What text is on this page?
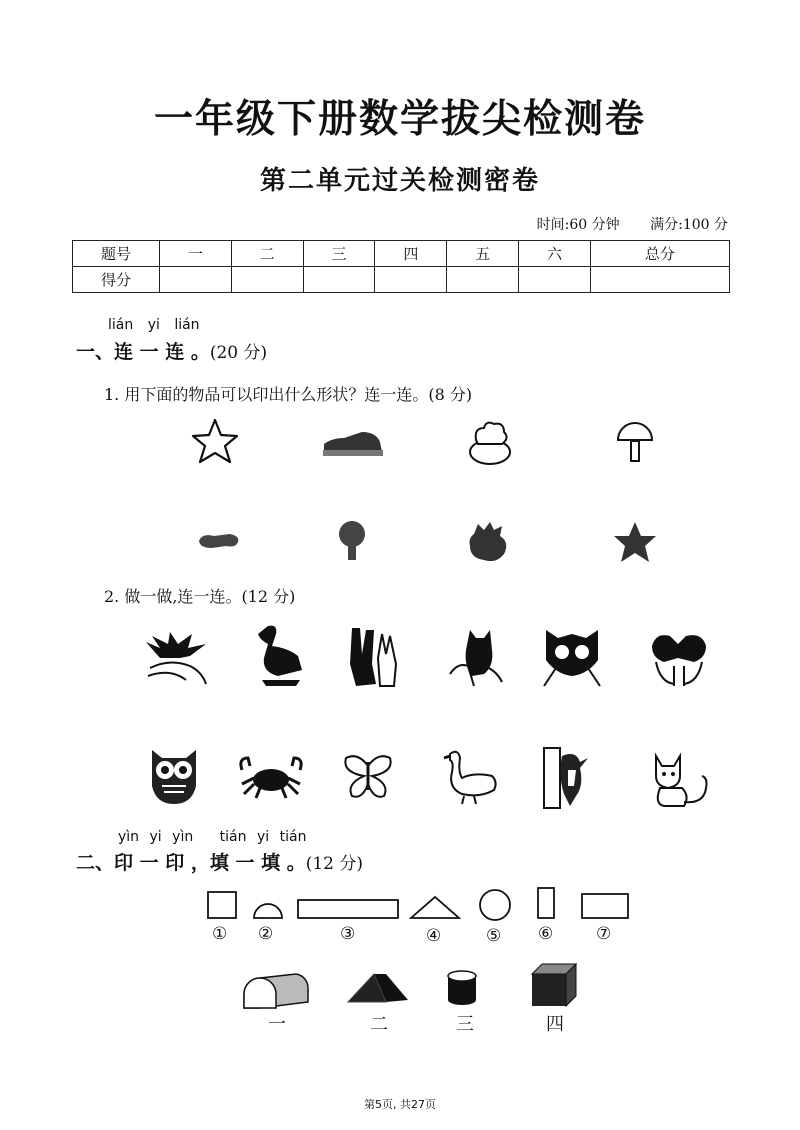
一年级下册数学拔尖检测卷
第二单元过关检测密卷
时间:60 分钟 满分:100 分
题号	一	二	三	四	五	六	总分
得分							
lián yi lián
一、连 一 连 。(20 分)
1. 用下面的物品可以印出什么形状？连一连。(8 分)
2. 做一做,连一连。(12 分)
yìn yi yìn tián yi tián
二、印 一 印 ，填 一 填 。(12 分)
① ②	③	④	⑤ ⑥	⑦
一	二	三	四
第5页, 共27页
